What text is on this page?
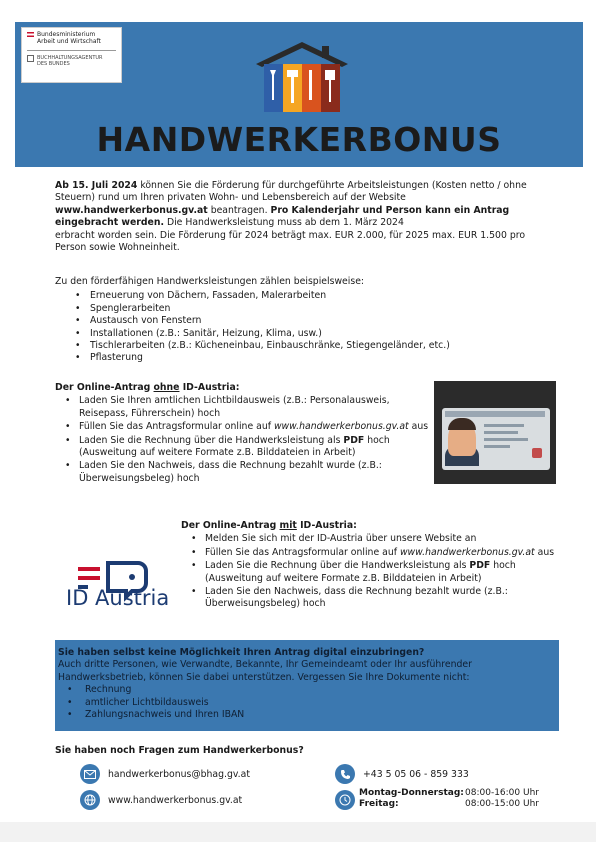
Bundesministerium
Arbeit und Wirtschaft
BUCHHALTUNGSAGENTUR
DES BUNDES
HANDWERKERBONUS
Ab 15. Juli 2024 können Sie die Förderung für durchgeführte Arbeitsleistungen (Kosten netto / ohne Steuern) rund um Ihren privaten Wohn- und Lebensbereich auf der Website www.handwerkerbonus.gv.at beantragen. Pro Kalenderjahr und Person kann ein Antrag eingebracht werden. Die Handwerksleistung muss ab dem 1. März 2024
erbracht worden sein. Die Förderung für 2024 beträgt max. EUR 2.000, für 2025 max. EUR 1.500 pro Person sowie Wohneinheit.
Zu den förderfähigen Handwerksleistungen zählen beispielsweise:
• Erneuerung von Dächern, Fassaden, Malerarbeiten
• Spenglerarbeiten
• Austausch von Fenstern
• Installationen (z.B.: Sanitär, Heizung, Klima, usw.)
• Tischlerarbeiten (z.B.: Kücheneinbau, Einbauschränke, Stiegengeländer, etc.)
• Pflasterung
Der Online-Antrag ohne ID-Austria:
• Laden Sie Ihren amtlichen Lichtbildausweis (z.B.: Personalausweis, Reisepass, Führerschein) hoch
• Füllen Sie das Antragsformular online auf www.handwerkerbonus.gv.at aus
• Laden Sie die Rechnung über die Handwerksleistung als PDF hoch (Ausweitung auf weitere Formate z.B. Bilddateien in Arbeit)
• Laden Sie den Nachweis, dass die Rechnung bezahlt wurde (z.B.: Überweisungsbeleg) hoch
ID Austria
Der Online-Antrag mit ID-Austria:
• Melden Sie sich mit der ID-Austria über unsere Website an
• Füllen Sie das Antragsformular online auf www.handwerkerbonus.gv.at aus
• Laden Sie die Rechnung über die Handwerksleistung als PDF hoch (Ausweitung auf weitere Formate z.B. Bilddateien in Arbeit)
• Laden Sie den Nachweis, dass die Rechnung bezahlt wurde (z.B.: Überweisungsbeleg) hoch
Sie haben selbst keine Möglichkeit Ihren Antrag digital einzubringen?
Auch dritte Personen, wie Verwandte, Bekannte, Ihr Gemeindeamt oder Ihr ausführender Handwerksbetrieb, können Sie dabei unterstützen. Vergessen Sie Ihre Dokumente nicht:
• Rechnung
• amtlicher Lichtbildausweis
• Zahlungsnachweis und Ihren IBAN
Sie haben noch Fragen zum Handwerkerbonus?
handwerkerbonus@bhag.gv.at
www.handwerkerbonus.gv.at
+43 5 05 06 - 859 333
Montag-Donnerstag: 08:00-16:00 Uhr
Freitag:	08:00-15:00 Uhr
